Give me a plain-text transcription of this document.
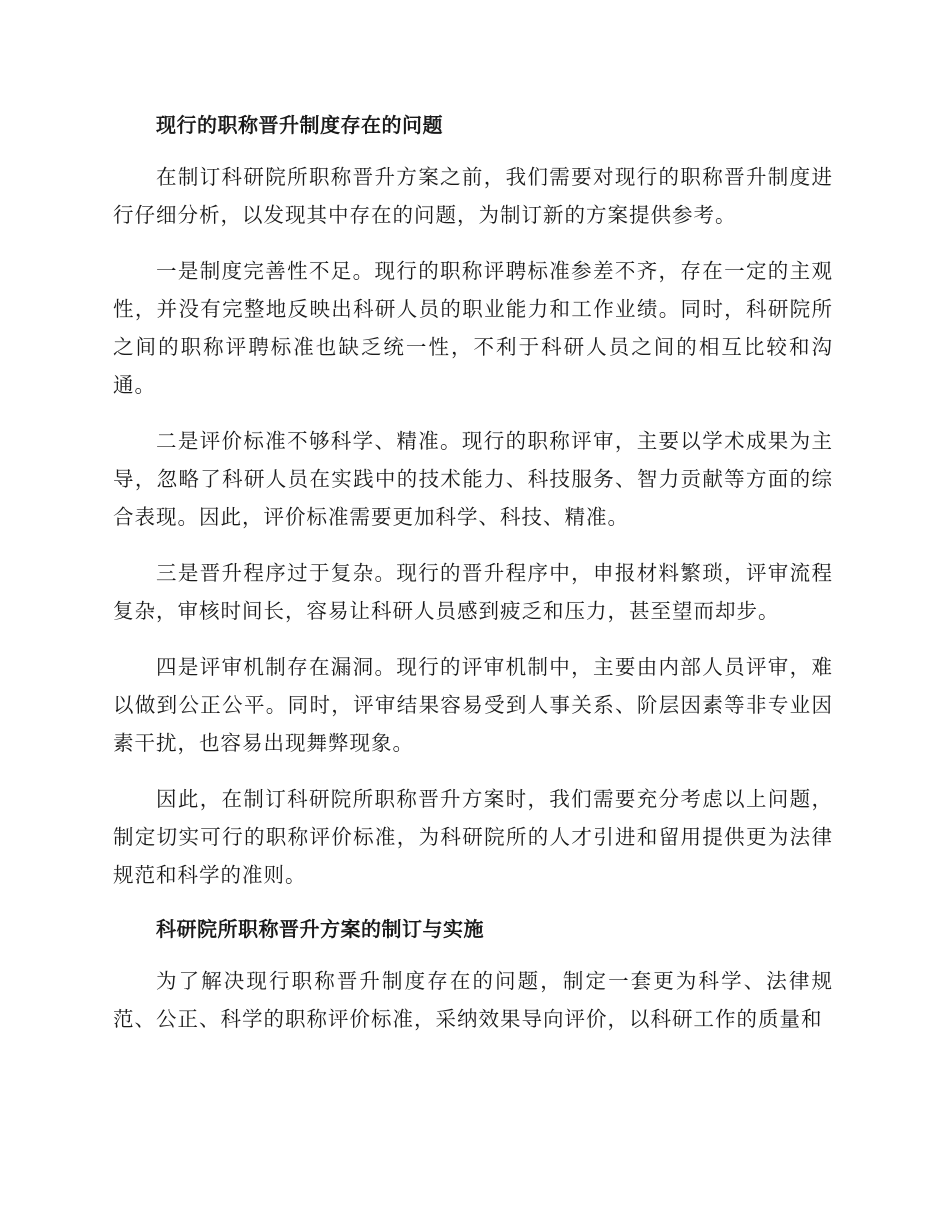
现行的职称晋升制度存在的问题

在制订科研院所职称晋升方案之前，我们需要对现行的职称晋升制度进行仔细分析，以发现其中存在的问题，为制订新的方案提供参考。

一是制度完善性不足。现行的职称评聘标准参差不齐，存在一定的主观性，并没有完整地反映出科研人员的职业能力和工作业绩。同时，科研院所之间的职称评聘标准也缺乏统一性，不利于科研人员之间的相互比较和沟通。

二是评价标准不够科学、精准。现行的职称评审，主要以学术成果为主导，忽略了科研人员在实践中的技术能力、科技服务、智力贡献等方面的综合表现。因此，评价标准需要更加科学、科技、精准。

三是晋升程序过于复杂。现行的晋升程序中，申报材料繁琐，评审流程复杂，审核时间长，容易让科研人员感到疲乏和压力，甚至望而却步。

四是评审机制存在漏洞。现行的评审机制中，主要由内部人员评审，难以做到公正公平。同时，评审结果容易受到人事关系、阶层因素等非专业因素干扰，也容易出现舞弊现象。

因此，在制订科研院所职称晋升方案时，我们需要充分考虑以上问题，制定切实可行的职称评价标准，为科研院所的人才引进和留用提供更为法律规范和科学的准则。

科研院所职称晋升方案的制订与实施

为了解决现行职称晋升制度存在的问题，制定一套更为科学、法律规范、公正、科学的职称评价标准，采纳效果导向评价，以科研工作的质量和
